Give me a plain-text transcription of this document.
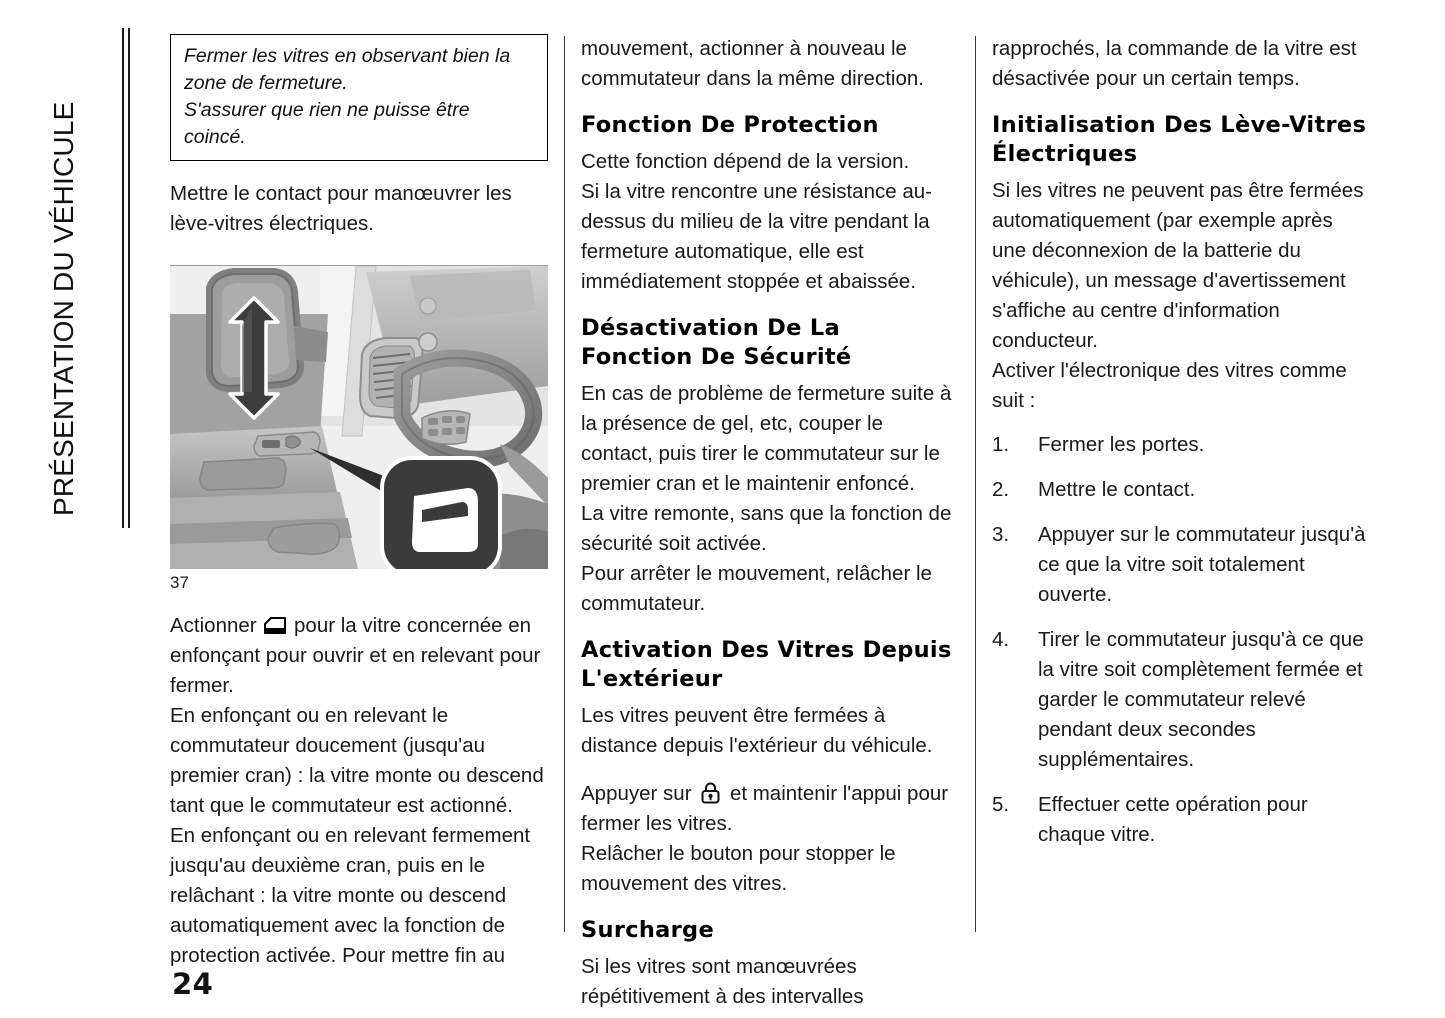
PRÉSENTATION DU VÉHICULE

Fermer les vitres en observant bien la zone de fermeture.

S'assurer que rien ne puisse être coincé.

Mettre le contact pour manœuvrer les lève-vitres électriques.

37

Actionner pour la vitre concernée en enfonçant pour ouvrir et en relevant pour fermer.

En enfonçant ou en relevant le commutateur doucement (jusqu'au premier cran) : la vitre monte ou descend tant que le commutateur est actionné.

En enfonçant ou en relevant fermement jusqu'au deuxième cran, puis en le relâchant : la vitre monte ou descend automatiquement avec la fonction de protection activée. Pour mettre fin au

mouvement, actionner à nouveau le commutateur dans la même direction.

Fonction De Protection

Cette fonction dépend de la version.

Si la vitre rencontre une résistance au-dessus du milieu de la vitre pendant la fermeture automatique, elle est immédiatement stoppée et abaissée.

Désactivation De La Fonction De Sécurité

En cas de problème de fermeture suite à la présence de gel, etc, couper le contact, puis tirer le commutateur sur le premier cran et le maintenir enfoncé.

La vitre remonte, sans que la fonction de sécurité soit activée.

Pour arrêter le mouvement, relâcher le commutateur.

Activation Des Vitres Depuis L'extérieur

Les vitres peuvent être fermées à distance depuis l'extérieur du véhicule.

Appuyer sur et maintenir l'appui pour fermer les vitres.

Relâcher le bouton pour stopper le mouvement des vitres.

Surcharge

Si les vitres sont manœuvrées répétitivement à des intervalles

rapprochés, la commande de la vitre est désactivée pour un certain temps.

Initialisation Des Lève-Vitres Électriques

Si les vitres ne peuvent pas être fermées automatiquement (par exemple après une déconnexion de la batterie du véhicule), un message d'avertissement s'affiche au centre d'information conducteur.

Activer l'électronique des vitres comme suit :

1.	Fermer les portes.
2.	Mettre le contact.
3.	Appuyer sur le commutateur jusqu'à ce que la vitre soit totalement ouverte.
4.	Tirer le commutateur jusqu'à ce que la vitre soit complètement fermée et garder le commutateur relevé pendant deux secondes supplémentaires.
5.	Effectuer cette opération pour chaque vitre.
24
